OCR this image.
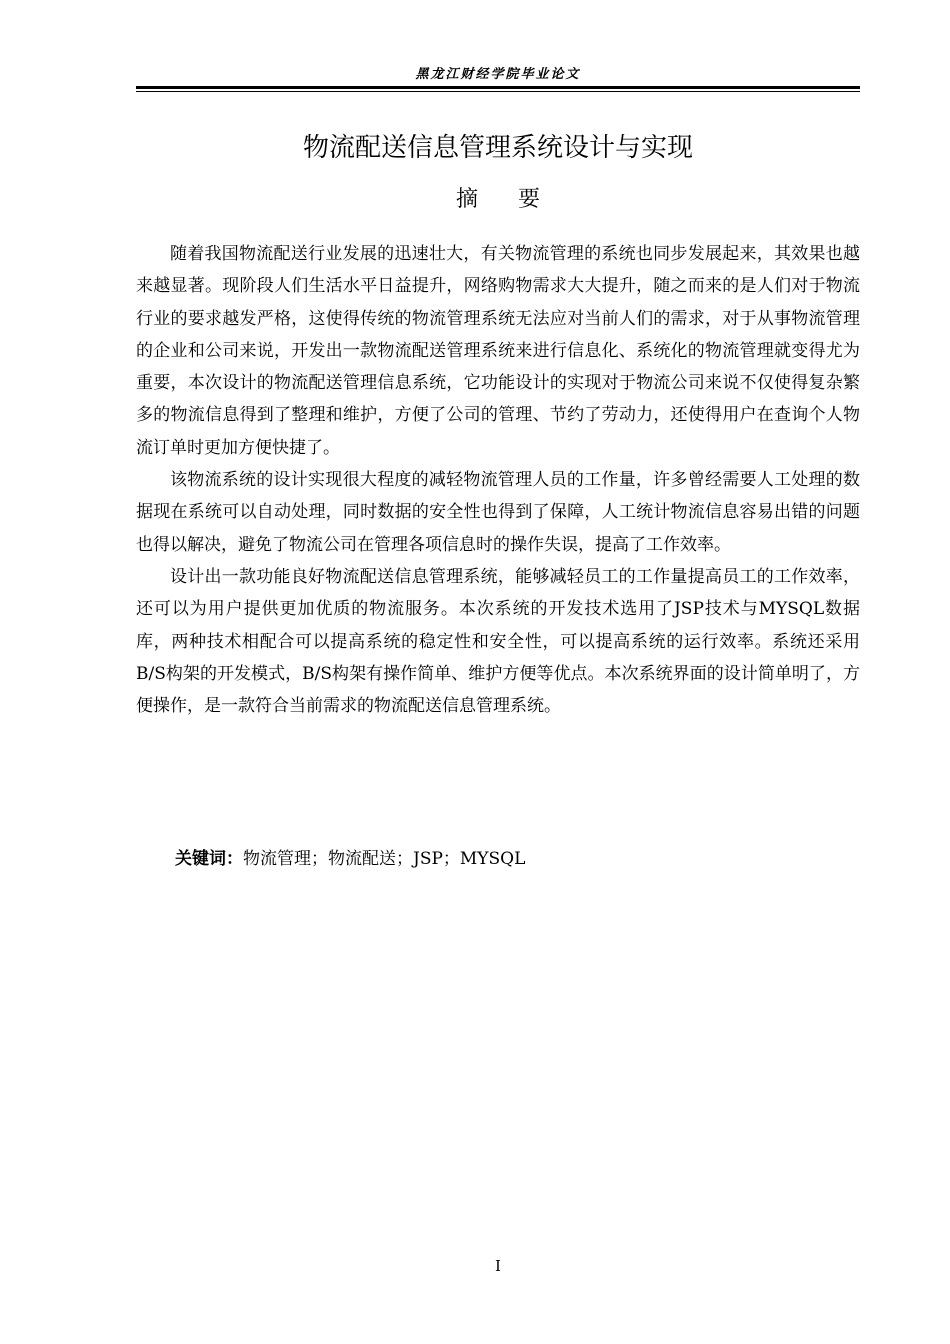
黑龙江财经学院毕业论文
物流配送信息管理系统设计与实现
摘要

随着我国物流配送行业发展的迅速壮大，有关物流管理的系统也同步发展起来，其效果也越来越显著。现阶段人们生活水平日益提升，网络购物需求大大提升，随之而来的是人们对于物流行业的要求越发严格，这使得传统的物流管理系统无法应对当前人们的需求，对于从事物流管理的企业和公司来说，开发出一款物流配送管理系统来进行信息化、系统化的物流管理就变得尤为重要，本次设计的物流配送管理信息系统，它功能设计的实现对于物流公司来说不仅使得复杂繁多的物流信息得到了整理和维护，方便了公司的管理、节约了劳动力，还使得用户在查询个人物流订单时更加方便快捷了。

该物流系统的设计实现很大程度的减轻物流管理人员的工作量，许多曾经需要人工处理的数据现在系统可以自动处理，同时数据的安全性也得到了保障，人工统计物流信息容易出错的问题也得以解决，避免了物流公司在管理各项信息时的操作失误，提高了工作效率。

设计出一款功能良好物流配送信息管理系统，能够减轻员工的工作量提高员工的工作效率，还可以为用户提供更加优质的物流服务。本次系统的开发技术选用了JSP技术与MYSQL数据库，两种技术相配合可以提高系统的稳定性和安全性，可以提高系统的运行效率。系统还采用B/S构架的开发模式，B/S构架有操作简单、维护方便等优点。本次系统界面的设计简单明了，方便操作，是一款符合当前需求的物流配送信息管理系统。

关键词：物流管理；物流配送；JSP；MYSQL
I
